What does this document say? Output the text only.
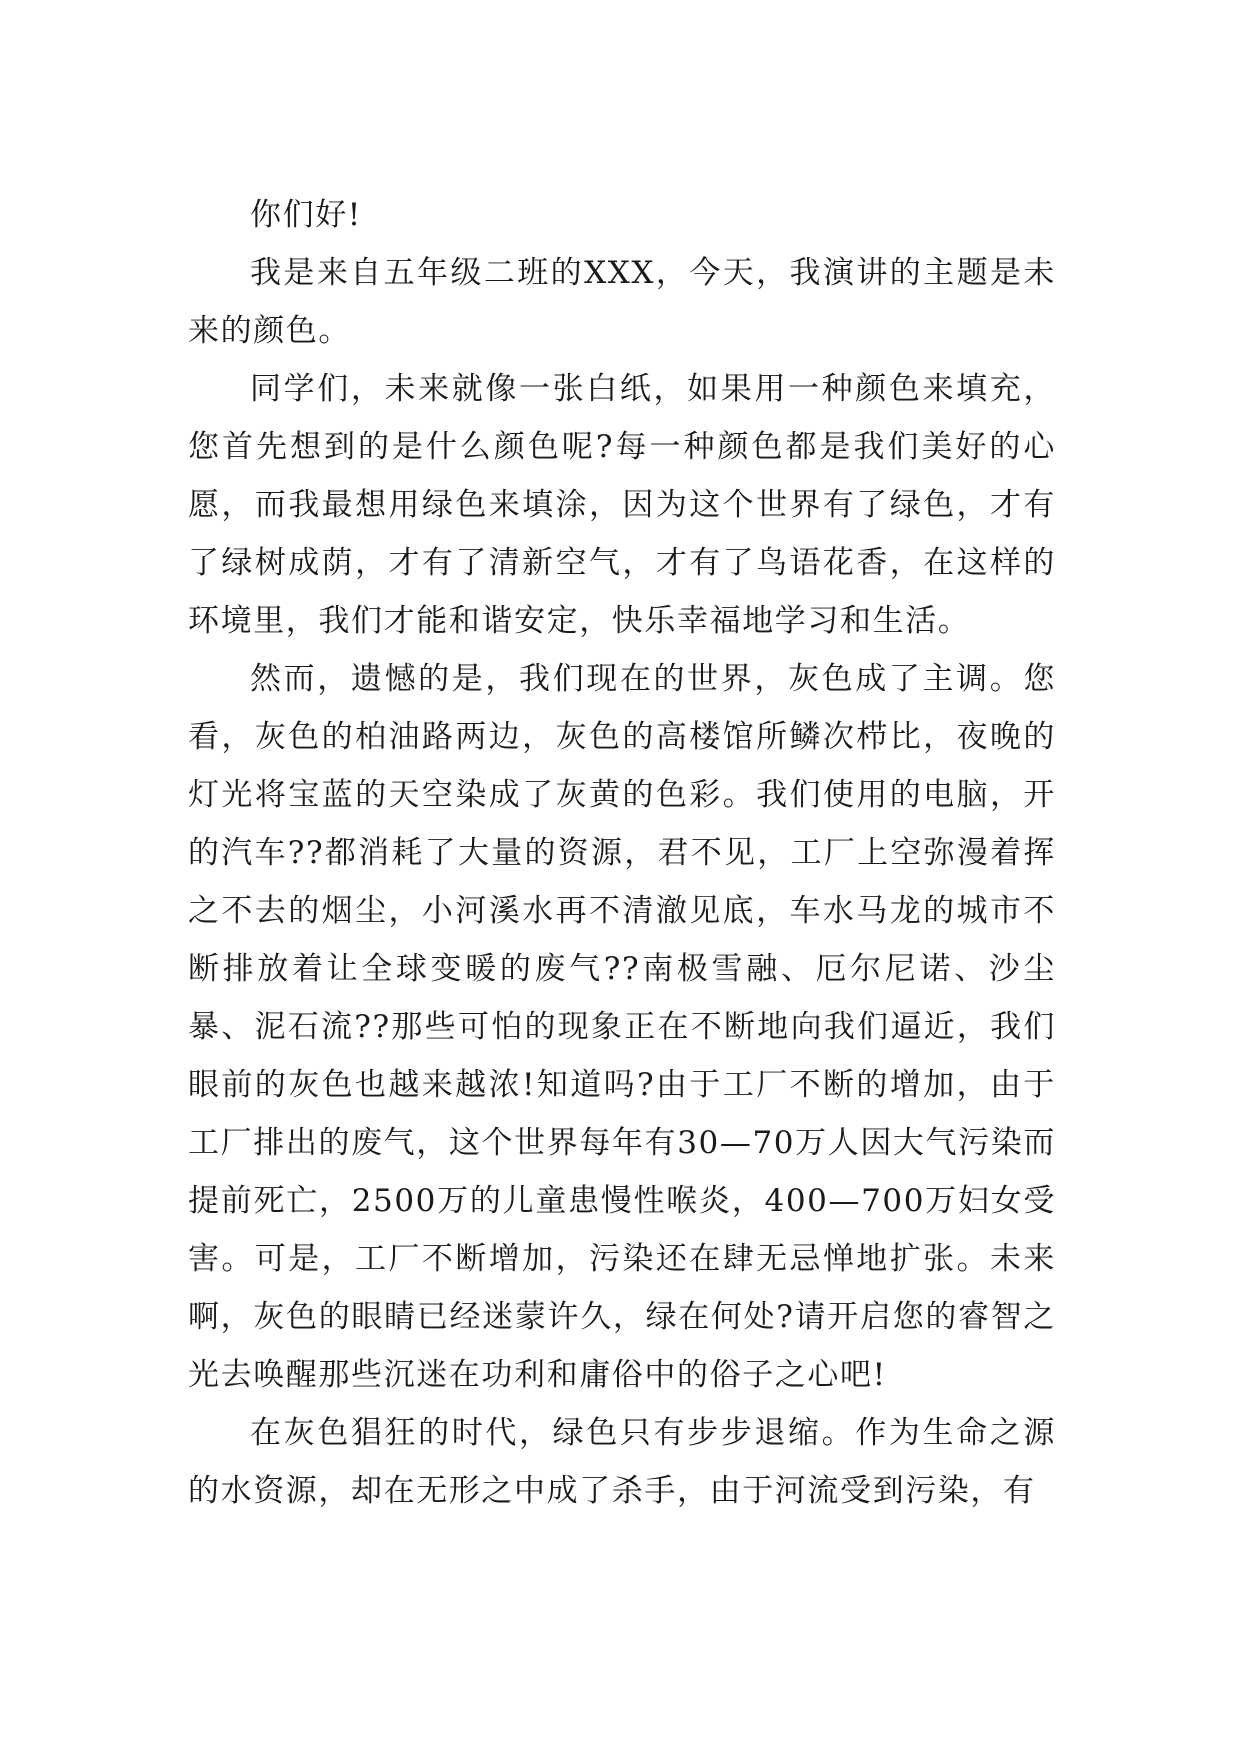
你们好!

我是来自五年级二班的XXX，今天，我演讲的主题是未来的颜色。

同学们，未来就像一张白纸，如果用一种颜色来填充，您首先想到的是什么颜色呢?每一种颜色都是我们美好的心愿，而我最想用绿色来填涂，因为这个世界有了绿色，才有了绿树成荫，才有了清新空气，才有了鸟语花香，在这样的环境里，我们才能和谐安定，快乐幸福地学习和生活。

然而，遗憾的是，我们现在的世界，灰色成了主调。您看，灰色的柏油路两边，灰色的高楼馆所鳞次栉比，夜晚的灯光将宝蓝的天空染成了灰黄的色彩。我们使用的电脑，开的汽车??都消耗了大量的资源，君不见，工厂上空弥漫着挥之不去的烟尘，小河溪水再不清澈见底，车水马龙的城市不断排放着让全球变暖的废气??南极雪融、厄尔尼诺、沙尘暴、泥石流??那些可怕的现象正在不断地向我们逼近，我们眼前的灰色也越来越浓!知道吗?由于工厂不断的增加，由于工厂排出的废气，这个世界每年有30—70万人因大气污染而提前死亡，2500万的儿童患慢性喉炎，400—700万妇女受害。可是，工厂不断增加，污染还在肆无忌惮地扩张。未来啊，灰色的眼睛已经迷蒙许久，绿在何处?请开启您的睿智之光去唤醒那些沉迷在功利和庸俗中的俗子之心吧!

在灰色猖狂的时代，绿色只有步步退缩。作为生命之源的水资源，却在无形之中成了杀手，由于河流受到污染，有
